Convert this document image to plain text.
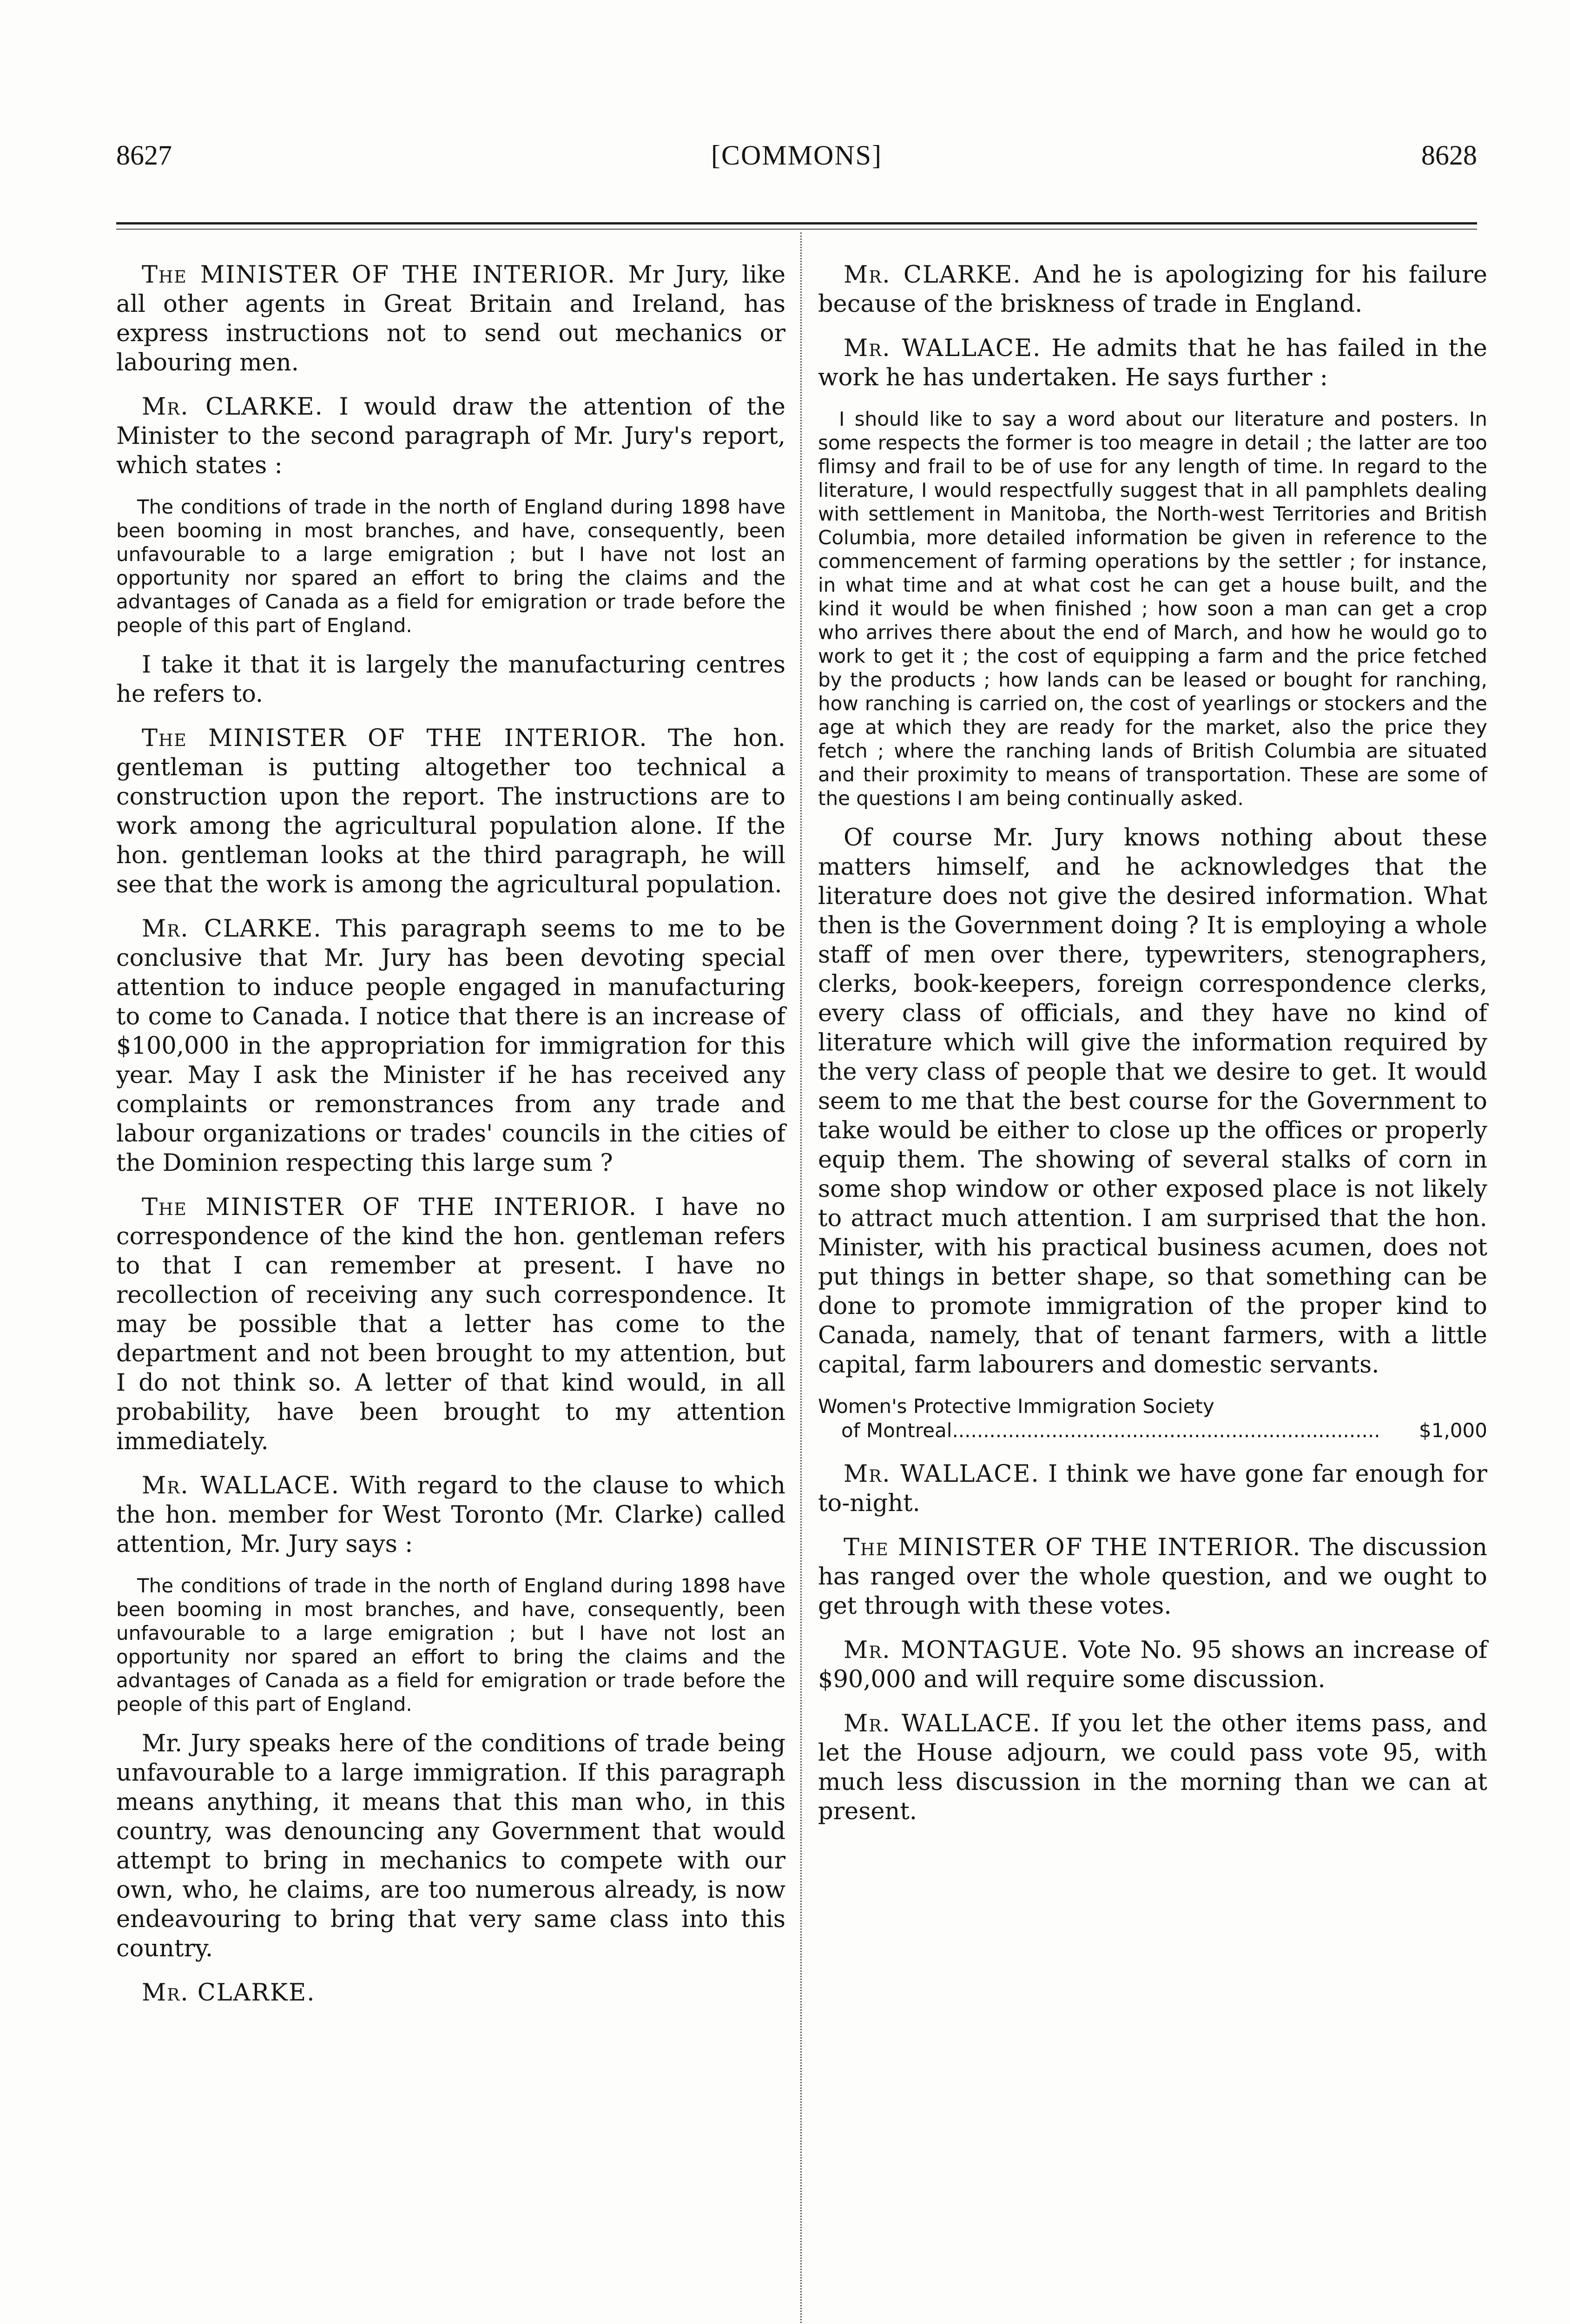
8627	[COMMONS]	8628

The MINISTER OF THE INTERIOR. Mr Jury, like all other agents in Great Britain and Ireland, has express instructions not to send out mechanics or labouring men.

Mr. CLARKE. I would draw the attention of the Minister to the second paragraph of Mr. Jury's report, which states :

The conditions of trade in the north of England during 1898 have been booming in most branches, and have, consequently, been unfavourable to a large emigration ; but I have not lost an opportunity nor spared an effort to bring the claims and the advantages of Canada as a field for emigration or trade before the people of this part of England.

I take it that it is largely the manufacturing centres he refers to.

The MINISTER OF THE INTERIOR. The hon. gentleman is putting altogether too technical a construction upon the report. The instructions are to work among the agricultural population alone. If the hon. gentleman looks at the third paragraph, he will see that the work is among the agricultural population.

Mr. CLARKE. This paragraph seems to me to be conclusive that Mr. Jury has been devoting special attention to induce people engaged in manufacturing to come to Canada. I notice that there is an increase of $100,000 in the appropriation for immigration for this year. May I ask the Minister if he has received any complaints or remonstrances from any trade and labour organizations or trades' councils in the cities of the Dominion respecting this large sum ?

The MINISTER OF THE INTERIOR. I have no correspondence of the kind the hon. gentleman refers to that I can remember at present. I have no recollection of receiving any such correspondence. It may be possible that a letter has come to the department and not been brought to my attention, but I do not think so. A letter of that kind would, in all probability, have been brought to my attention immediately.

Mr. WALLACE. With regard to the clause to which the hon. member for West Toronto (Mr. Clarke) called attention, Mr. Jury says :

The conditions of trade in the north of England during 1898 have been booming in most branches, and have, consequently, been unfavourable to a large emigration ; but I have not lost an opportunity nor spared an effort to bring the claims and the advantages of Canada as a field for emigration or trade before the people of this part of England.

Mr. Jury speaks here of the conditions of trade being unfavourable to a large immigration. If this paragraph means anything, it means that this man who, in this country, was denouncing any Government that would attempt to bring in mechanics to compete with our own, who, he claims, are too numerous already, is now endeavouring to bring that very same class into this country.

Mr. CLARKE.

Mr. CLARKE. And he is apologizing for his failure because of the briskness of trade in England.

Mr. WALLACE. He admits that he has failed in the work he has undertaken. He says further :

I should like to say a word about our literature and posters. In some respects the former is too meagre in detail ; the latter are too flimsy and frail to be of use for any length of time. In regard to the literature, I would respectfully suggest that in all pamphlets dealing with settlement in Manitoba, the North-west Territories and British Columbia, more detailed information be given in reference to the commencement of farming operations by the settler ; for instance, in what time and at what cost he can get a house built, and the kind it would be when finished ; how soon a man can get a crop who arrives there about the end of March, and how he would go to work to get it ; the cost of equipping a farm and the price fetched by the products ; how lands can be leased or bought for ranching, how ranching is carried on, the cost of yearlings or stockers and the age at which they are ready for the market, also the price they fetch ; where the ranching lands of British Columbia are situated and their proximity to means of transportation. These are some of the questions I am being continually asked.

Of course Mr. Jury knows nothing about these matters himself, and he acknowledges that the literature does not give the desired information. What then is the Government doing ? It is employing a whole staff of men over there, typewriters, stenographers, clerks, book-keepers, foreign correspondence clerks, every class of officials, and they have no kind of literature which will give the information required by the very class of people that we desire to get. It would seem to me that the best course for the Government to take would be either to close up the offices or properly equip them. The showing of several stalks of corn in some shop window or other exposed place is not likely to attract much attention. I am surprised that the hon. Minister, with his practical business acumen, does not put things in better shape, so that something can be done to promote immigration of the proper kind to Canada, namely, that of tenant farmers, with a little capital, farm labourers and domestic servants.

Women's Protective Immigration Society
of Montreal .....................................................................	$1,000

Mr. WALLACE. I think we have gone far enough for to-night.

The MINISTER OF THE INTERIOR. The discussion has ranged over the whole question, and we ought to get through with these votes.

Mr. MONTAGUE. Vote No. 95 shows an increase of $90,000 and will require some discussion.

Mr. WALLACE. If you let the other items pass, and let the House adjourn, we could pass vote 95, with much less discussion in the morning than we can at present.
